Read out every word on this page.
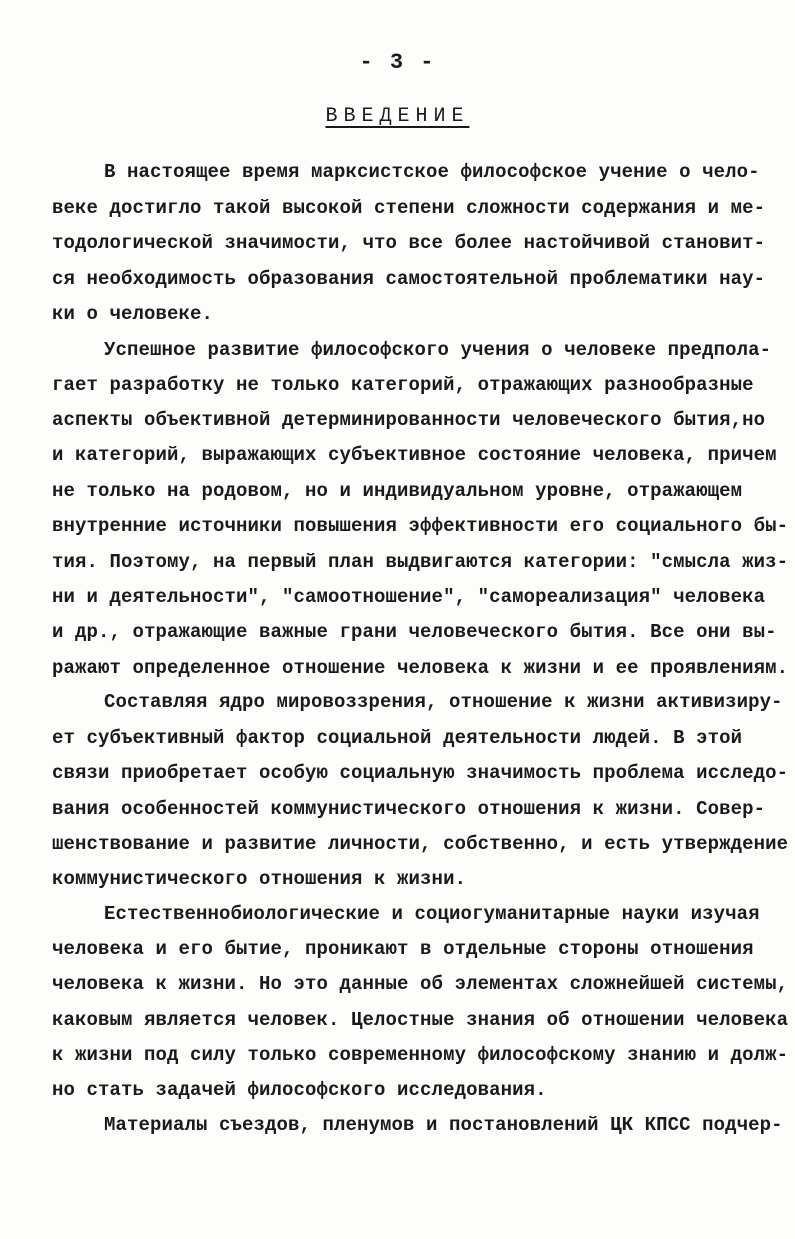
- 3 -
ВВЕДЕНИЕ
В настоящее время марксистское философское учение о чело-
веке достигло такой высокой степени сложности содержания и ме-
тодологической значимости, что все более настойчивой становит-
ся необходимость образования самостоятельной проблематики нау-
ки о человеке.
Успешное развитие философского учения о человеке предпола-
гает разработку не только категорий, отражающих разнообразные
аспекты объективной детерминированности человеческого бытия,но
и категорий, выражающих субъективное состояние человека, причем
не только на родовом, но и индивидуальном уровне, отражающем
внутренние источники повышения эффективности его социального бы-
тия. Поэтому, на первый план выдвигаются категории: "смысла жиз-
ни и деятельности", "самоотношение", "самореализация" человека
и др., отражающие важные грани человеческого бытия. Все они вы-
ражают определенное отношение человека к жизни и ее проявлениям.
Составляя ядро мировоззрения, отношение к жизни активизиру-
ет субъективный фактор социальной деятельности людей. В этой
связи приобретает особую социальную значимость проблема исследо-
вания особенностей коммунистического отношения к жизни. Совер-
шенствование и развитие личности, собственно, и есть утверждение
коммунистического отношения к жизни.
Естественнобиологические и социогуманитарные науки изучая
человека и его бытие, проникают в отдельные стороны отношения
человека к жизни. Но это данные об элементах сложнейшей системы,
каковым является человек. Целостные знания об отношении человека
к жизни под силу только современному философскому знанию и долж-
но стать задачей философского исследования.
Материалы съездов, пленумов и постановлений ЦК КПСС подчер-
